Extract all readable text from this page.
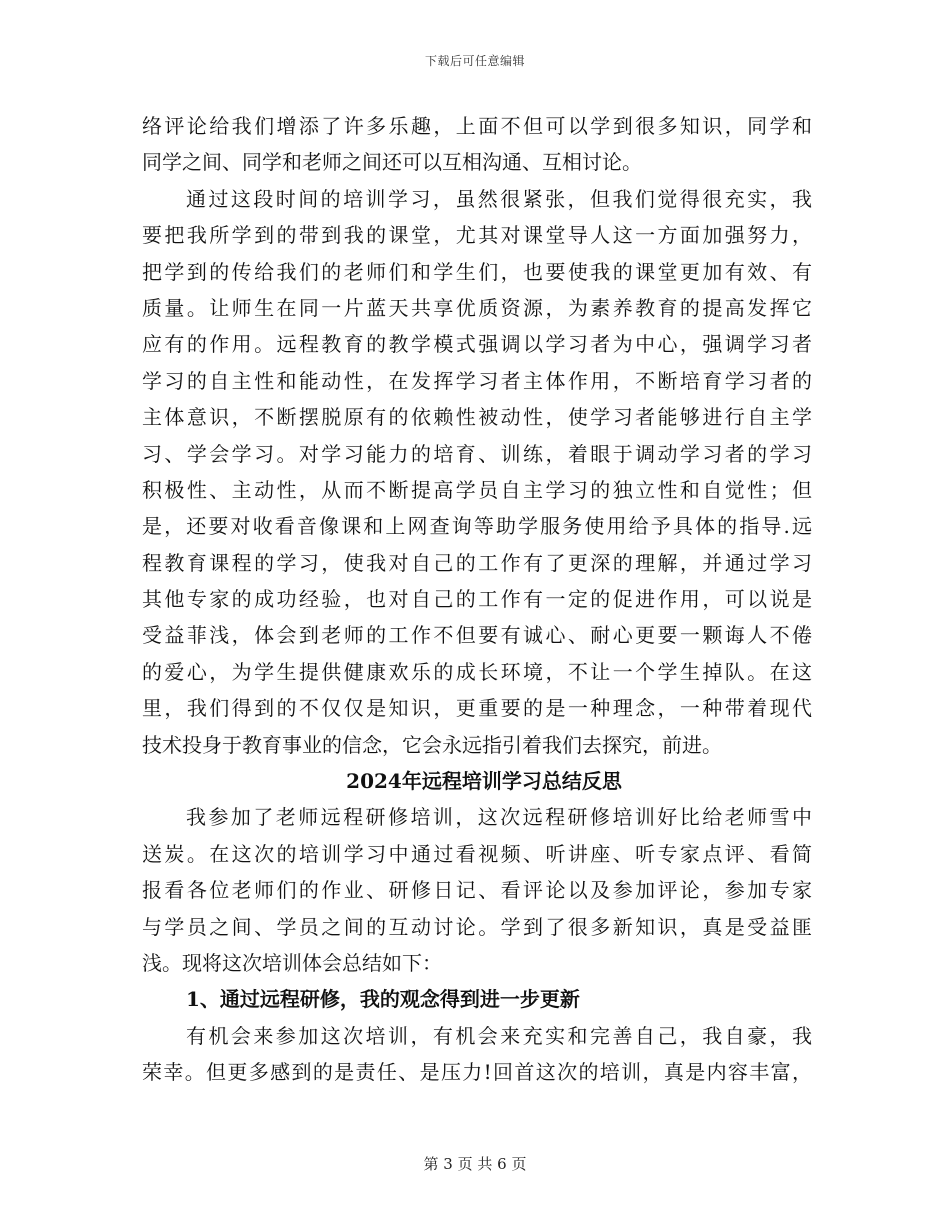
下载后可任意编辑
络评论给我们增添了许多乐趣，上面不但可以学到很多知识，同学和
同学之间、同学和老师之间还可以互相沟通、互相讨论。
通过这段时间的培训学习，虽然很紧张，但我们觉得很充实，我
要把我所学到的带到我的课堂，尤其对课堂导人这一方面加强努力，
把学到的传给我们的老师们和学生们，也要使我的课堂更加有效、有
质量。让师生在同一片蓝天共享优质资源，为素养教育的提高发挥它
应有的作用。远程教育的教学模式强调以学习者为中心，强调学习者
学习的自主性和能动性，在发挥学习者主体作用，不断培育学习者的
主体意识，不断摆脱原有的依赖性被动性，使学习者能够进行自主学
习、学会学习。对学习能力的培育、训练，着眼于调动学习者的学习
积极性、主动性，从而不断提高学员自主学习的独立性和自觉性；但
是，还要对收看音像课和上网查询等助学服务使用给予具体的指导.远
程教育课程的学习，使我对自己的工作有了更深的理解，并通过学习
其他专家的成功经验，也对自己的工作有一定的促进作用，可以说是
受益菲浅，体会到老师的工作不但要有诚心、耐心更要一颗诲人不倦
的爱心，为学生提供健康欢乐的成长环境，不让一个学生掉队。在这
里，我们得到的不仅仅是知识，更重要的是一种理念，一种带着现代
技术投身于教育事业的信念，它会永远指引着我们去探究，前进。
2024年远程培训学习总结反思
我参加了老师远程研修培训，这次远程研修培训好比给老师雪中
送炭。在这次的培训学习中通过看视频、听讲座、听专家点评、看简
报看各位老师们的作业、研修日记、看评论以及参加评论，参加专家
与学员之间、学员之间的互动讨论。学到了很多新知识，真是受益匪
浅。现将这次培训体会总结如下：
1、通过远程研修，我的观念得到进一步更新
有机会来参加这次培训，有机会来充实和完善自己，我自豪，我
荣幸。但更多感到的是责任、是压力!回首这次的培训，真是内容丰富，
第 3 页 共 6 页
